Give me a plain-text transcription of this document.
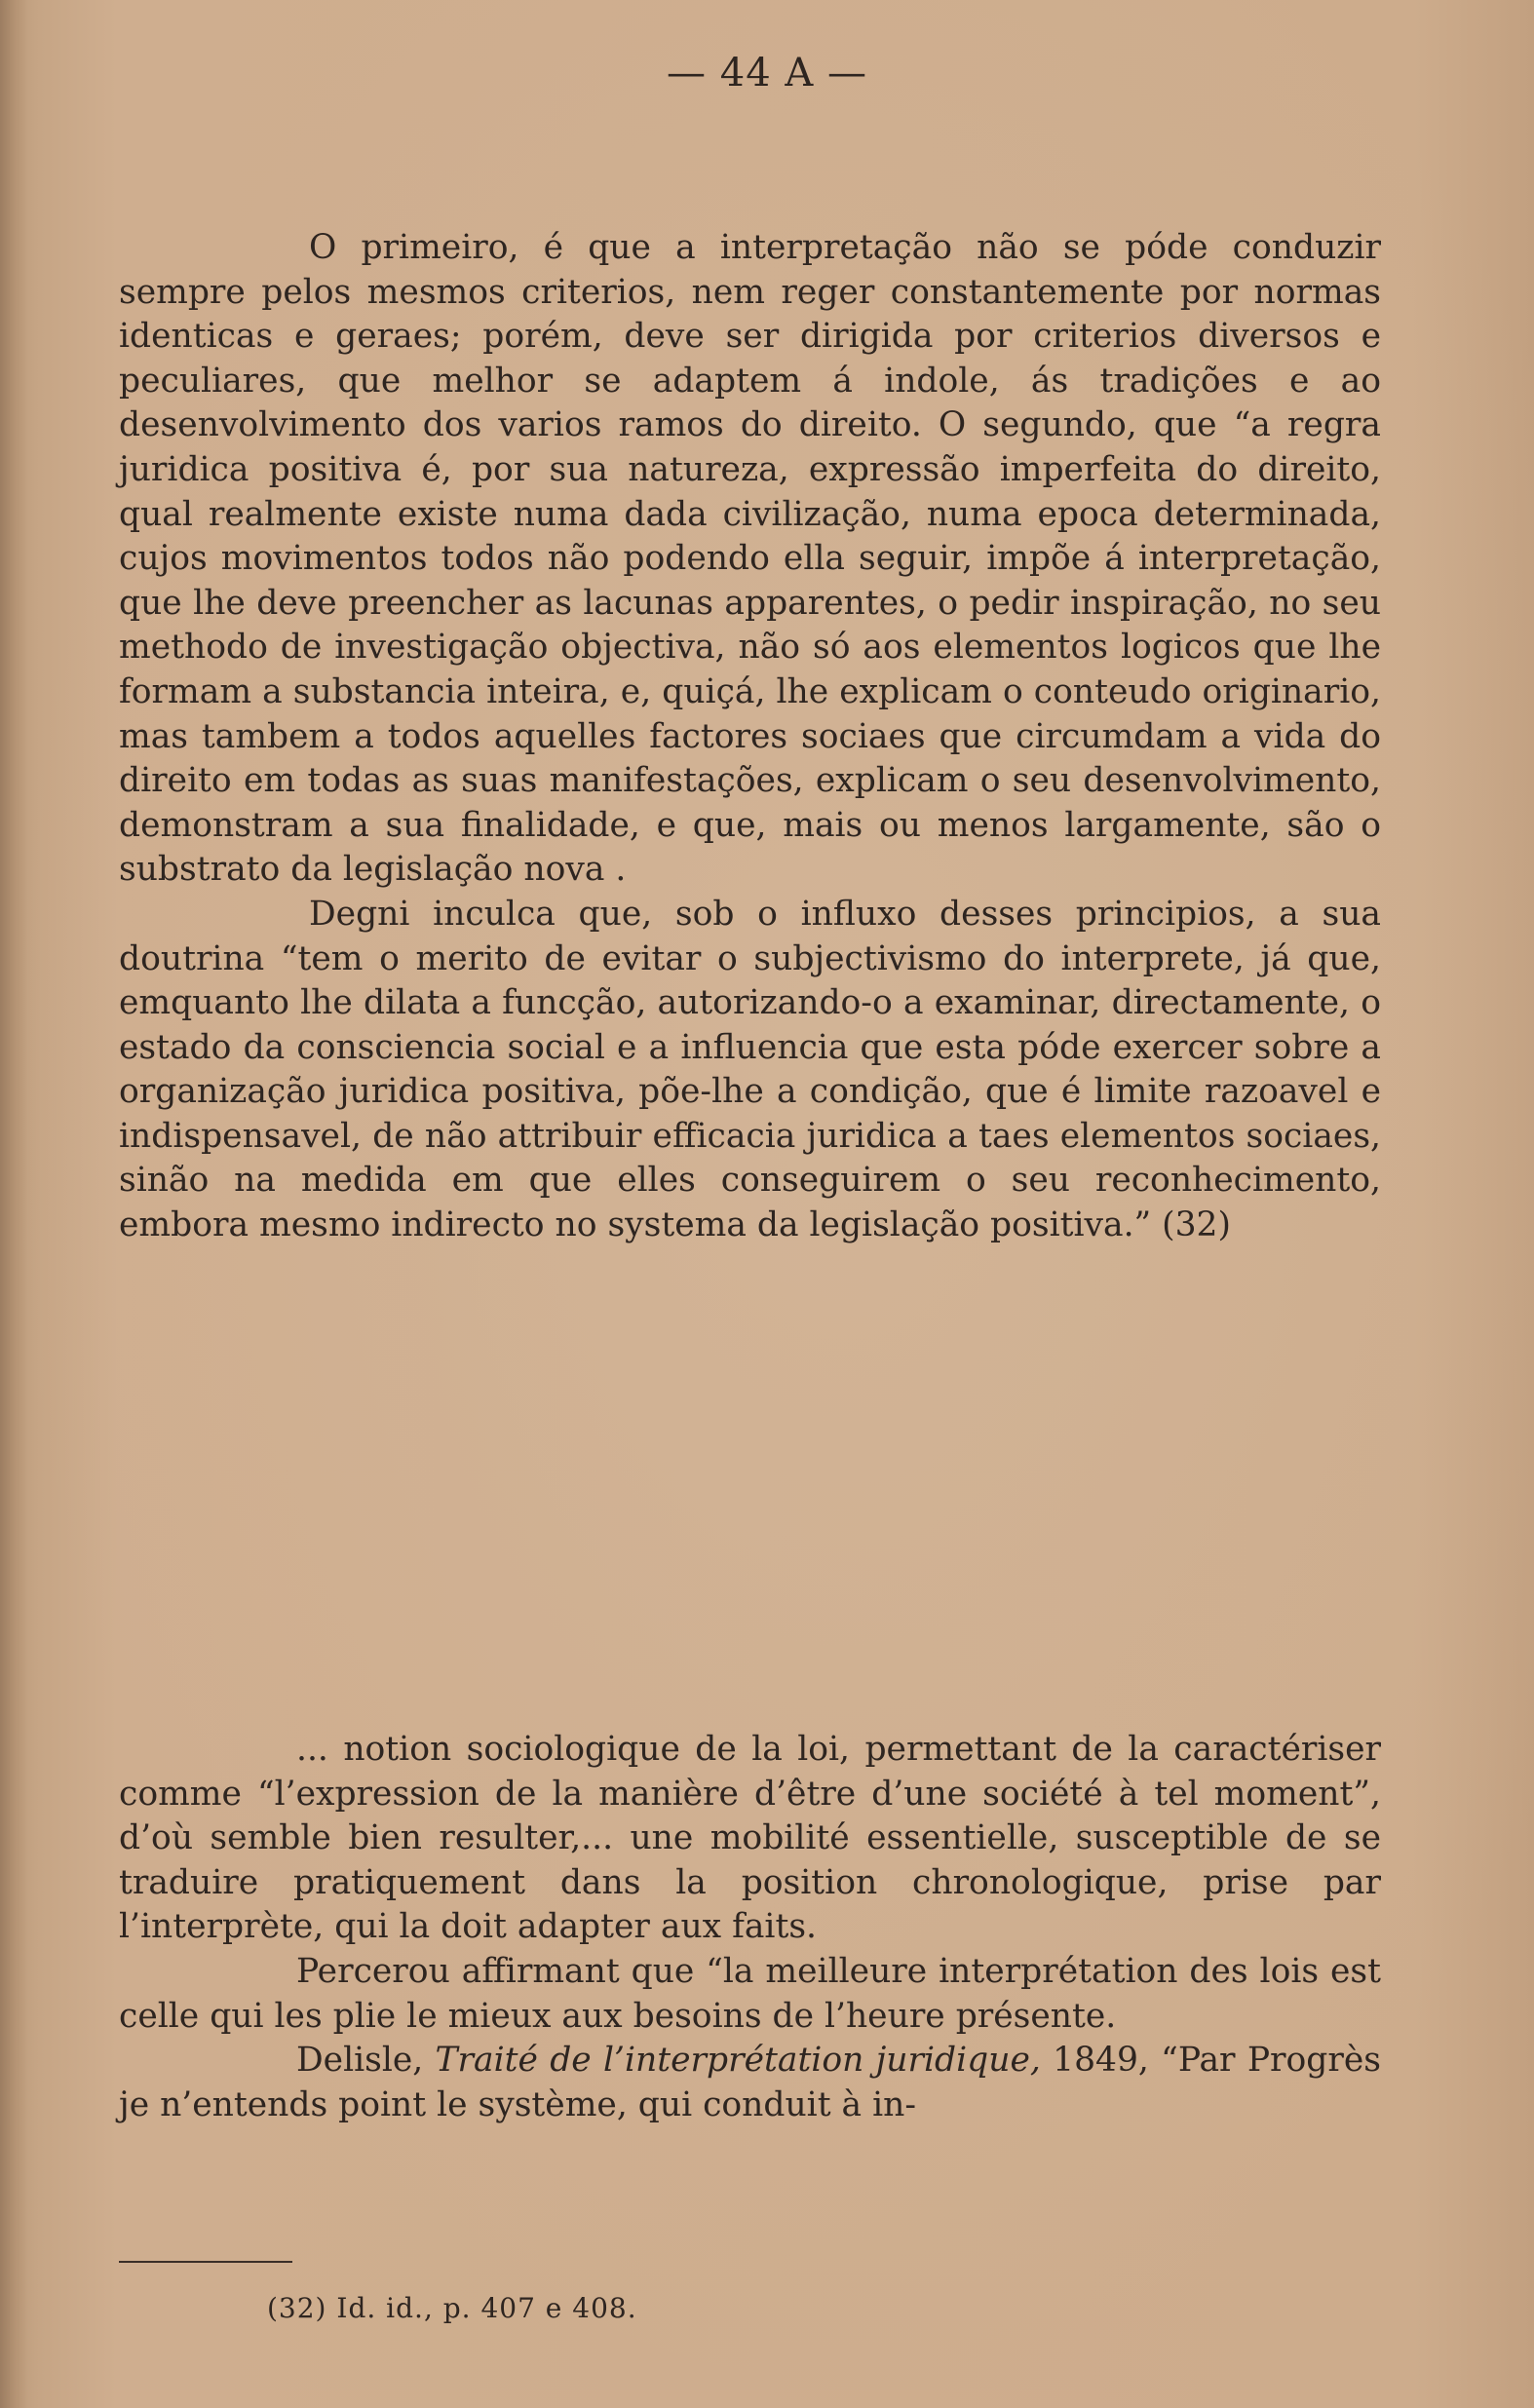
— 44 A —

O primeiro, é que a interpretação não se póde conduzir sempre pelos mesmos criterios, nem reger constantemente por normas identicas e geraes; porém, deve ser dirigida por criterios diversos e peculiares, que melhor se adaptem á indole, ás tradições e ao desenvolvimento dos varios ramos do direito. O segundo, que “a regra juridica positiva é, por sua natureza, expressão imperfeita do direito, qual realmente existe numa dada civilização, numa epoca determinada, cujos movimentos todos não podendo ella seguir, impõe á interpretação, que lhe deve preencher as lacunas apparentes, o pedir inspiração, no seu methodo de investigação objectiva, não só aos elementos logicos que lhe formam a substancia inteira, e, quiçá, lhe explicam o conteudo originario, mas tambem a todos aquelles factores sociaes que circumdam a vida do direito em todas as suas manifestações, explicam o seu desenvolvimento, demonstram a sua finalidade, e que, mais ou menos largamente, são o substrato da legislação nova .

Degni inculca que, sob o influxo desses principios, a sua doutrina “tem o merito de evitar o subjectivismo do interprete, já que, emquanto lhe dilata a funcção, autorizando-o a examinar, directamente, o estado da consciencia social e a influencia que esta póde exercer sobre a organização juridica positiva, põe-lhe a condição, que é limite razoavel e indispensavel, de não attribuir efficacia juridica a taes elementos sociaes, sinão na medida em que elles conseguirem o seu reconhecimento, embora mesmo indirecto no systema da legislação positiva.” (32)

... notion sociologique de la loi, permettant de la caractériser comme “l’expression de la manière d’être d’une société à tel moment”, d’où semble bien resulter,... une mobilité essentielle, susceptible de se traduire pratiquement dans la position chronologique, prise par l’interprète, qui la doit adapter aux faits.

Percerou affirmant que “la meilleure interprétation des lois est celle qui les plie le mieux aux besoins de l’heure présente.

Delisle, Traité de l’interprétation juridique, 1849, “Par Progrès je n’entends point le système, qui conduit à in-

(32) Id. id., p. 407 e 408.
